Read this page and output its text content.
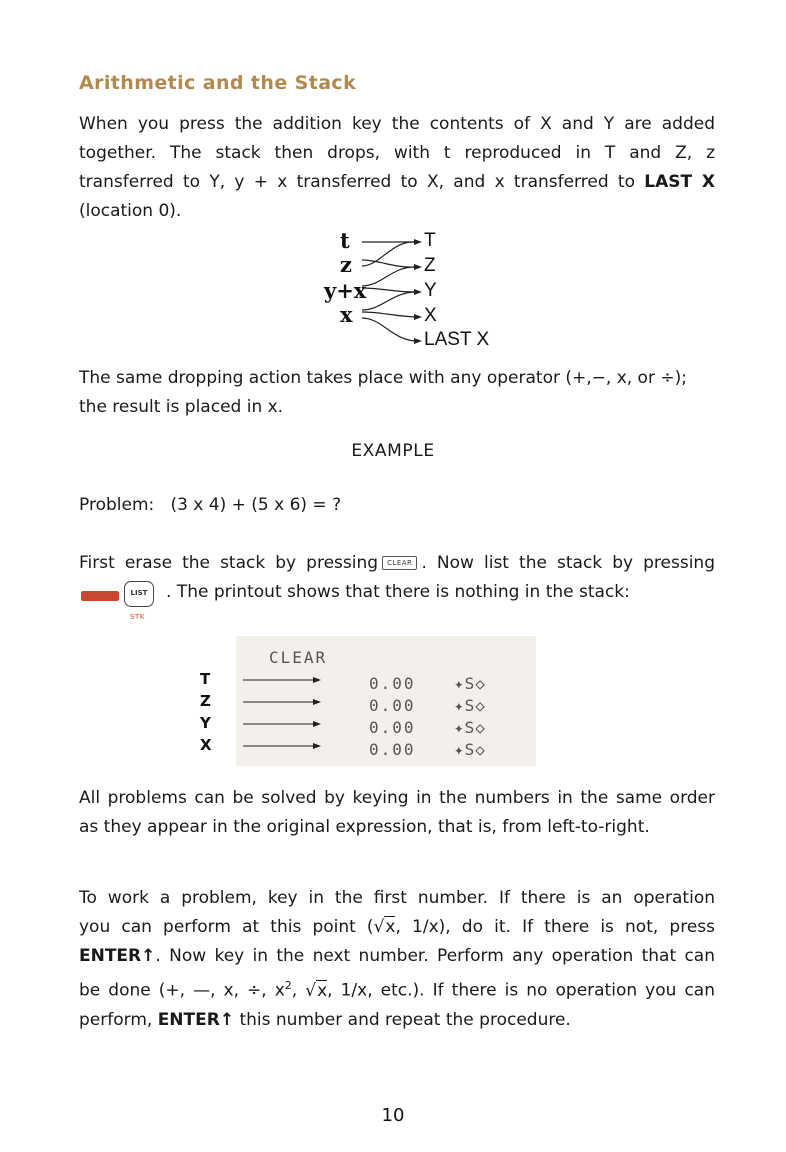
Arithmetic and the Stack
When you press the addition key the contents of X and Y are added
together. The stack then drops, with t reproduced in T and Z, z
transferred to Y, y + x transferred to X, and x transferred to LAST X
(location 0).
t
z
y+x
x
T
Z
Y
X
LAST X
The same dropping action takes place with any operator (+,−, x, or ÷);
the result is placed in x.
EXAMPLE
Problem:   (3 x 4) + (5 x 6) = ?
First erase the stack by pressing CLEAR . Now list the stack by pressing
LIST
STK
. The printout shows that there is nothing in the stack:
CLEAR
0.00
0.00
0.00
0.00
✦S◇
✦S◇
✦S◇
✦S◇
T
Z
Y
X
All problems can be solved by keying in the numbers in the same order
as they appear in the original expression, that is, from left-to-right.
To work a problem, key in the first number. If there is an operation
you can perform at this point (√x, 1/x), do it. If there is not, press
ENTER↑. Now key in the next number. Perform any operation that can
be done (+, —, x, ÷, $x^2$, √x, 1/x, etc.). If there is no operation you can
perform, ENTER↑ this number and repeat the procedure.
10
